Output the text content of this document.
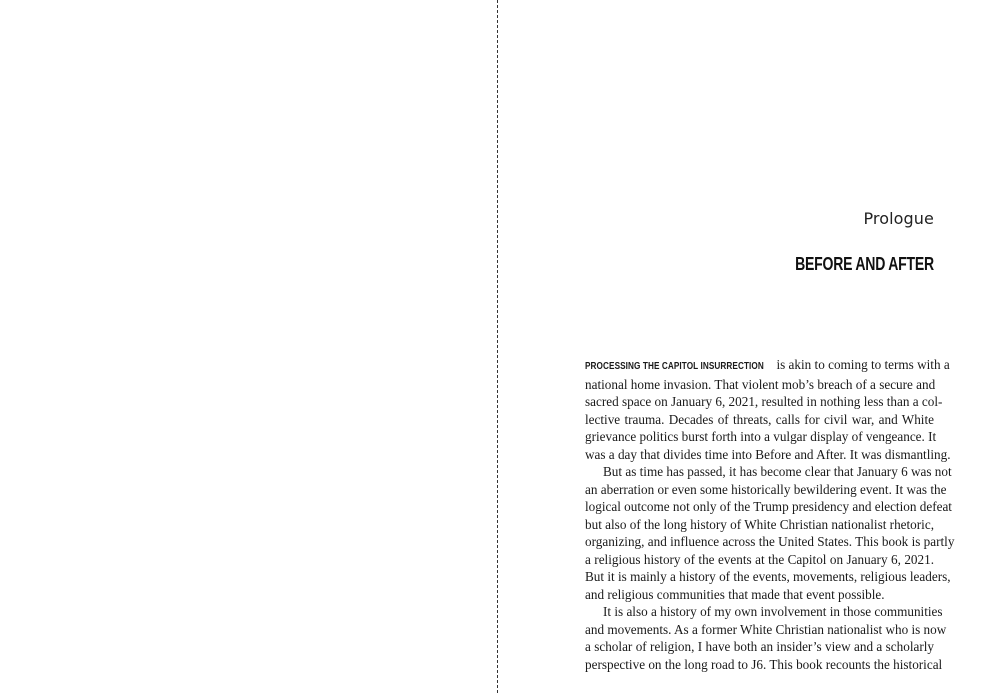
Prologue
BEFORE AND AFTER
PROCESSING THE CAPITOL INSURRECTION is akin to coming to terms with a
national home invasion. That violent mob’s breach of a secure and
sacred space on January 6, 2021, resulted in nothing less than a col-
lective trauma. Decades of threats, calls for civil war, and White
grievance politics burst forth into a vulgar display of vengeance. It
was a day that divides time into Before and After. It was dismantling.
But as time has passed, it has become clear that January 6 was not
an aberration or even some historically bewildering event. It was the
logical outcome not only of the Trump presidency and election defeat
but also of the long history of White Christian nationalist rhetoric,
organizing, and influence across the United States. This book is partly
a religious history of the events at the Capitol on January 6, 2021.
But it is mainly a history of the events, movements, religious leaders,
and religious communities that made that event possible.
It is also a history of my own involvement in those communities
and movements. As a former White Christian nationalist who is now
a scholar of religion, I have both an insider’s view and a scholarly
perspective on the long road to J6. This book recounts the historical
